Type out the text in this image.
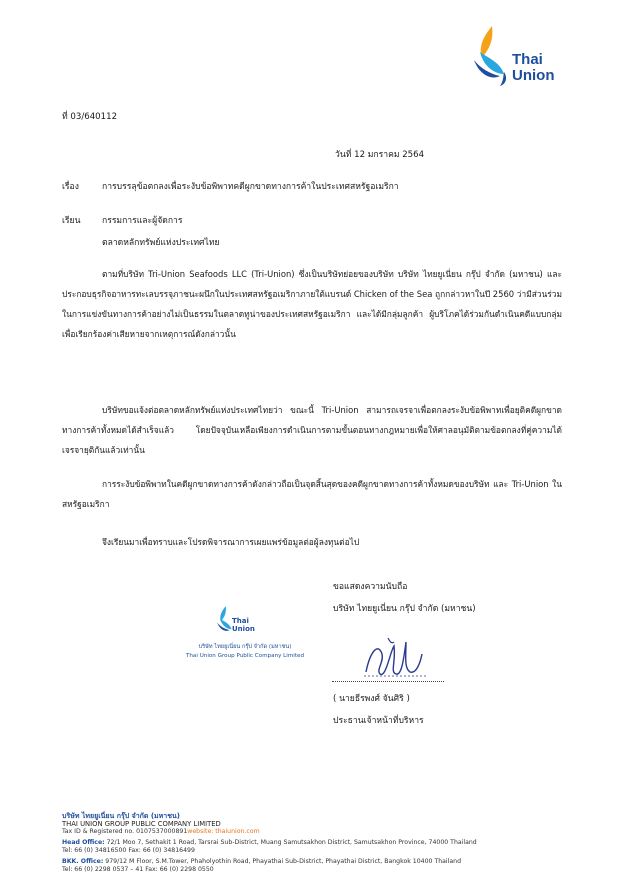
Thai
Union
ที่ 03/640112
วันที่ 12 มกราคม 2564
เรื่อง	การบรรลุข้อตกลงเพื่อระงับข้อพิพาทคดีผูกขาดทางการค้าในประเทศสหรัฐอเมริกา
เรียน	กรรมการและผู้จัดการ
ตลาดหลักทรัพย์แห่งประเทศไทย
ตามที่บริษัท Tri-Union Seafoods LLC (Tri-Union) ซึ่งเป็นบริษัทย่อยของบริษัท บริษัท ไทยยูเนี่ยน กรุ๊ป จำกัด (มหาชน) และประกอบธุรกิจอาหารทะเลบรรจุภาชนะผนึกในประเทศสหรัฐอเมริกาภายใต้แบรนด์ Chicken of the Sea ถูกกล่าวหาในปี 2560 ว่ามีส่วนร่วมในการแข่งขันทางการค้าอย่างไม่เป็นธรรมในตลาดทูน่าของประเทศสหรัฐอเมริกา และได้มีกลุ่มลูกค้า ผู้บริโภคได้ร่วมกันดำเนินคดีแบบกลุ่มเพื่อเรียกร้องค่าเสียหายจากเหตุการณ์ดังกล่าวนั้น
บริษัทขอแจ้งต่อตลาดหลักทรัพย์แห่งประเทศไทยว่า ขณะนี้ Tri-Union สามารถเจรจาเพื่อตกลงระงับข้อพิพาทเพื่อยุติคดีผูกขาดทางการค้าทั้งหมดได้สำเร็จแล้ว โดยปัจจุบันเหลือเพียงการดำเนินการตามขั้นตอนทางกฎหมายเพื่อให้ศาลอนุมัติตามข้อตกลงที่คู่ความได้เจรจายุติกันแล้วเท่านั้น
การระงับข้อพิพาทในคดีผูกขาดทางการค้าดังกล่าวถือเป็นจุดสิ้นสุดของคดีผูกขาดทางการค้าทั้งหมดของบริษัท และ Tri-Union ในสหรัฐอเมริกา
จึงเรียนมาเพื่อทราบและโปรดพิจารณาการเผยแพร่ข้อมูลต่อผู้ลงทุนต่อไป
ขอแสดงความนับถือ
บริษัท ไทยยูเนี่ยน กรุ๊ป จำกัด (มหาชน)
Thai
Union
บริษัท ไทยยูเนี่ยน กรุ๊ป จำกัด (มหาชน)
Thai Union Group Public Company Limited
( นายธีรพงศ์ จันศิริ )
ประธานเจ้าหน้าที่บริหาร
บริษัท ไทยยูเนี่ยน กรุ๊ป จำกัด (มหาชน)
THAI UNION GROUP PUBLIC COMPANY LIMITED
Tax ID & Registered no. 0107537000891website: thaiunion.com
Head Office: 72/1 Moo 7, Sethakit 1 Road, Tarsrai Sub-District, Muang Samutsakhon District, Samutsakhon Province, 74000 Thailand
Tel: 66 (0) 34816500 Fax: 66 (0) 34816499
BKK. Office: 979/12 M Floor, S.M.Tower, Phaholyothin Road, Phayathai Sub-District, Phayathai District, Bangkok 10400 Thailand
Tel: 66 (0) 2298 0537 – 41 Fax: 66 (0) 2298 0550
